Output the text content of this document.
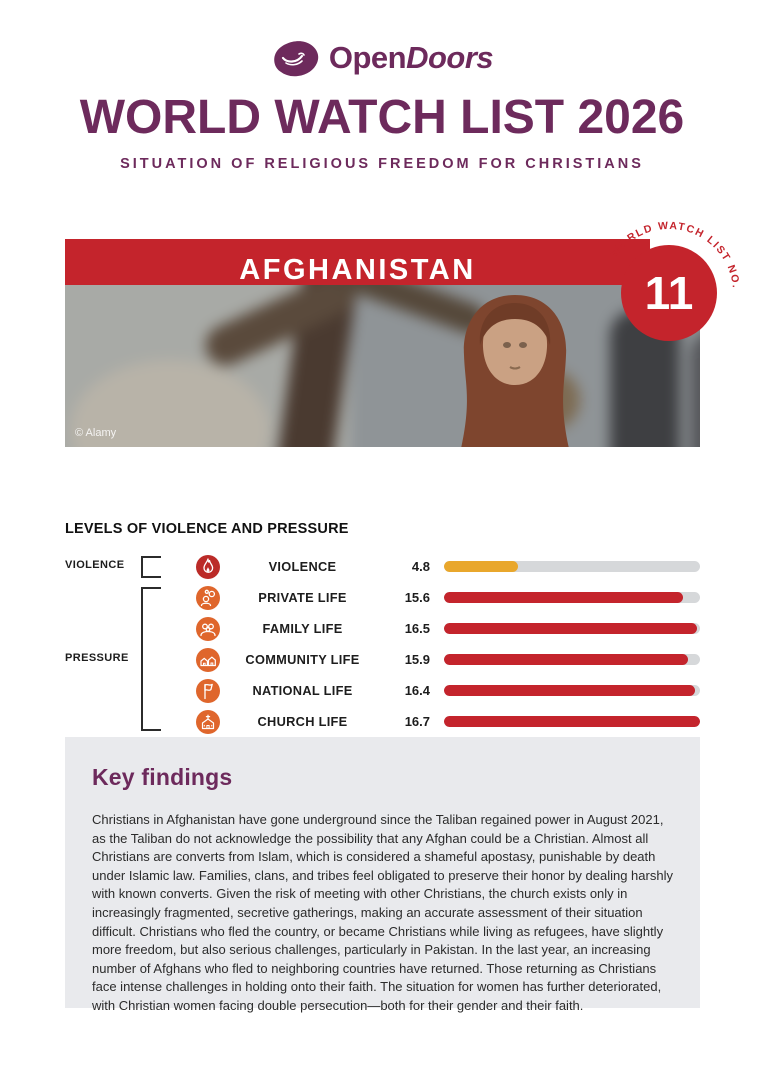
OpenDoors
WORLD WATCH LIST 2026
SITUATION OF RELIGIOUS FREEDOM FOR CHRISTIANS
AFGHANISTAN
WORLD WATCH LIST NO.
11
© Alamy
LEVELS OF VIOLENCE AND PRESSURE
VIOLENCE
PRESSURE
VIOLENCE	4.8
PRIVATE LIFE	15.6
FAMILY LIFE	16.5
COMMUNITY LIFE	15.9
NATIONAL LIFE	16.4
CHURCH LIFE	16.7
Key findings
Christians in Afghanistan have gone underground since the Taliban regained power in August 2021, as the Taliban do not acknowledge the possibility that any Afghan could be a Christian. Almost all Christians are converts from Islam, which is considered a shameful apostasy, punishable by death under Islamic law. Families, clans, and tribes feel obligated to preserve their honor by dealing harshly with known converts. Given the risk of meeting with other Christians, the church exists only in increasingly fragmented, secretive gatherings, making an accurate assessment of their situation difficult. Christians who fled the country, or became Christians while living as refugees, have slightly more freedom, but also serious challenges, particularly in Pakistan. In the last year, an increasing number of Afghans who fled to neighboring countries have returned. Those returning as Christians face intense challenges in holding onto their faith. The situation for women has further deteriorated, with Christian women facing double persecution—both for their gender and their faith.
